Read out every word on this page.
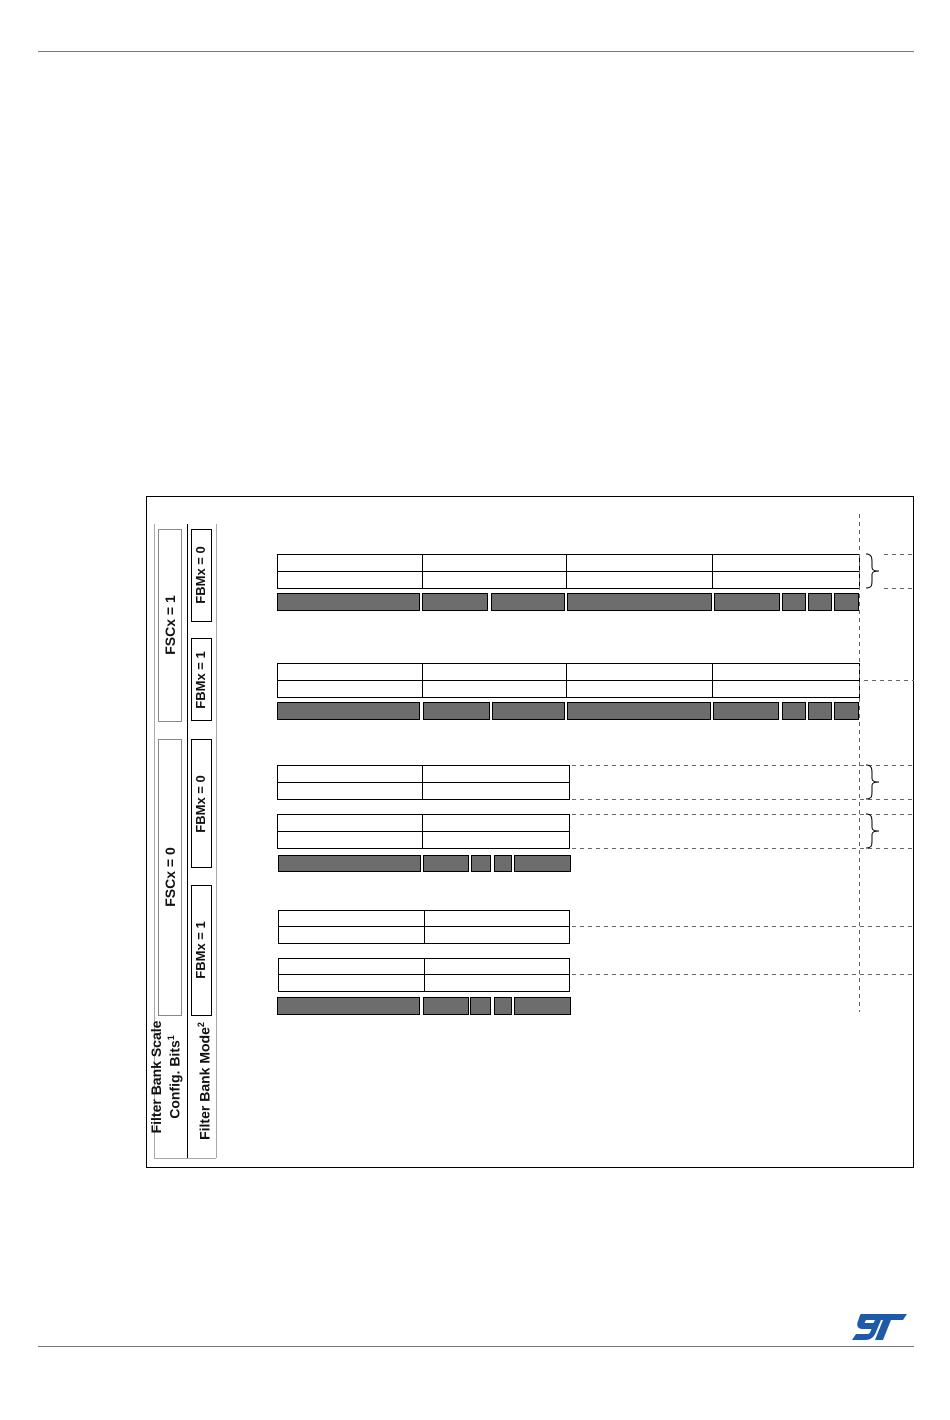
Filter Bank Scale Config. Bits$^1$	Filter Bank Mode$^2$
FSCx = 1
FSCx = 0
FBMx = 0
FBMx = 1
FBMx = 0
FBMx = 1
